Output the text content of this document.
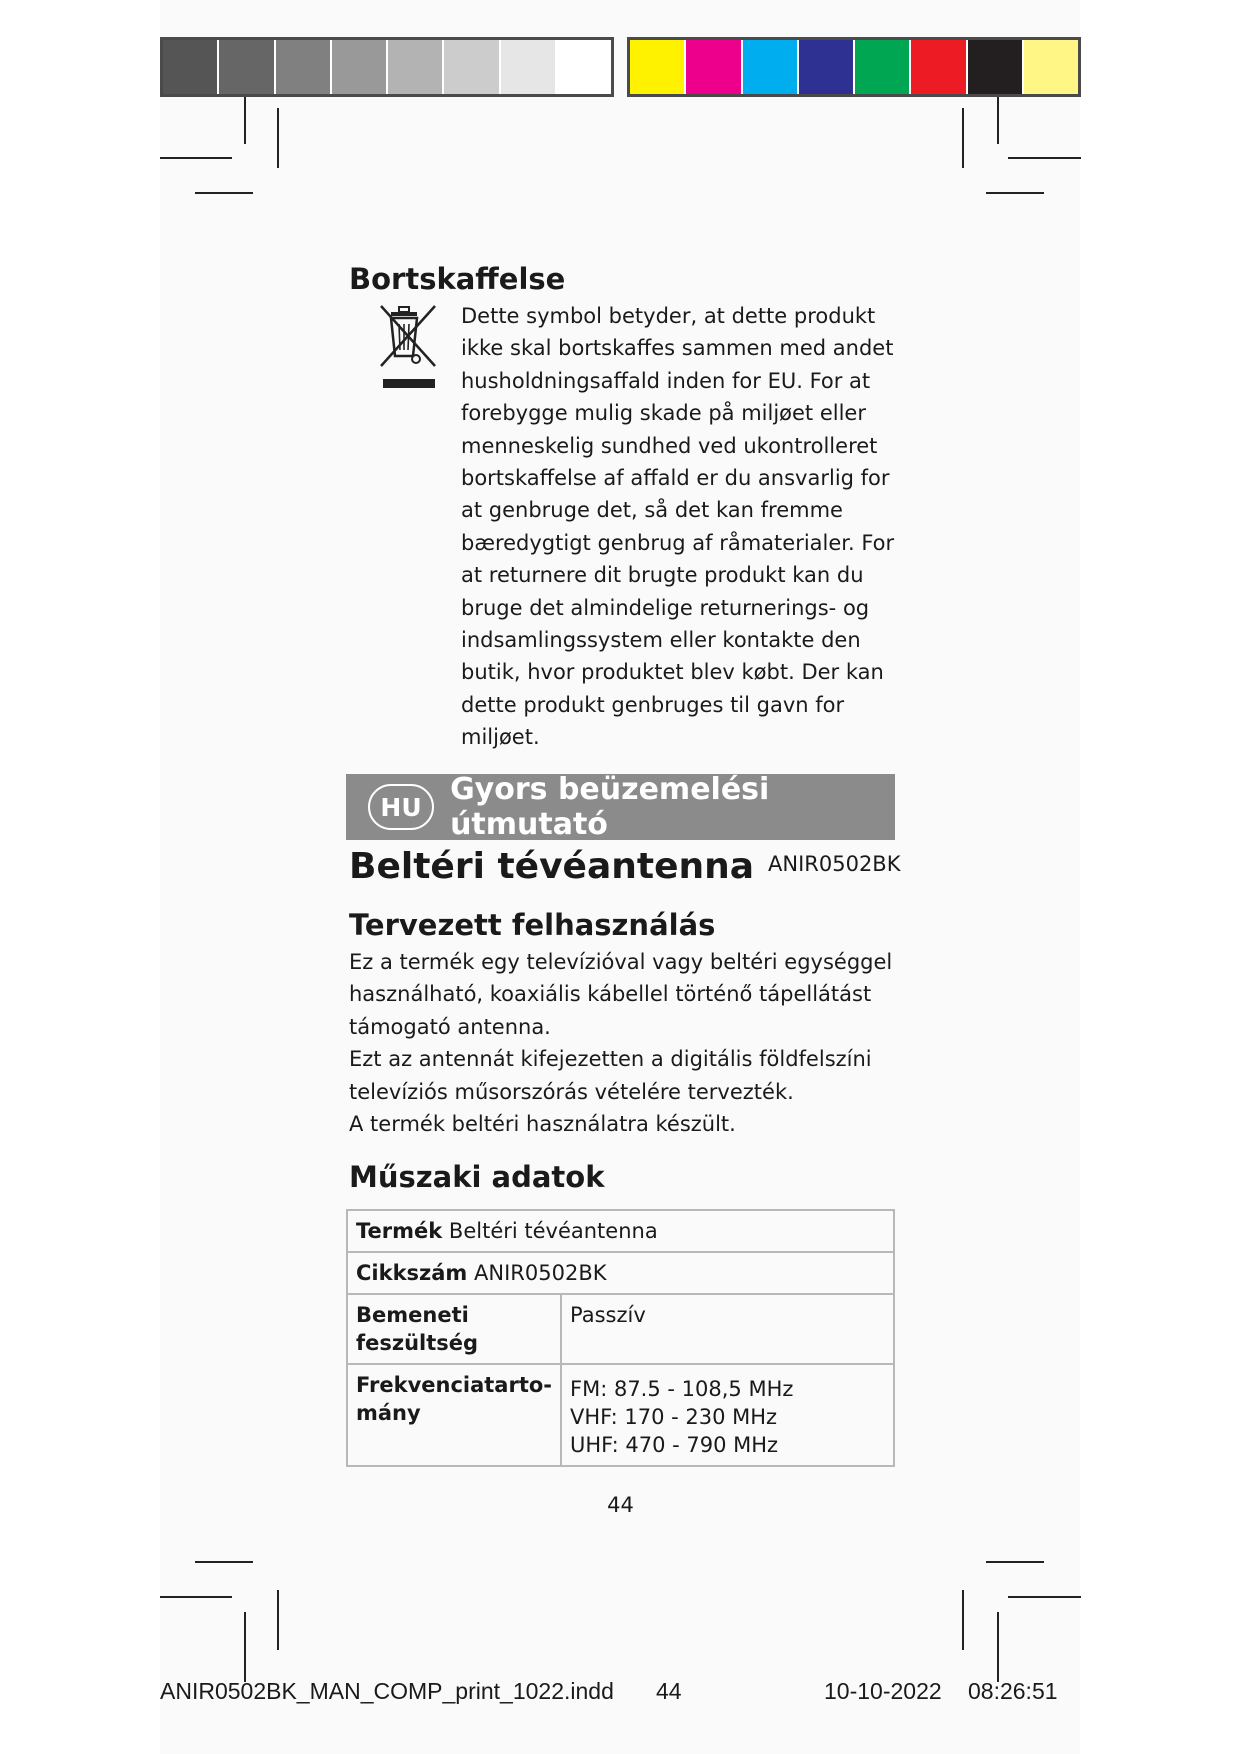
Bortskaffelse
Dette symbol betyder, at dette produkt ikke skal bortskaffes sammen med andet husholdningsaffald inden for EU. For at forebygge mulig skade på miljøet eller menneskelig sundhed ved ukontrolleret bortskaffelse af affald er du ansvarlig for at genbruge det, så det kan fremme bæredygtigt genbrug af råmaterialer. For at returnere dit brugte produkt kan du bruge det almindelige returnerings- og indsamlingssystem eller kontakte den butik, hvor produktet blev købt. Der kan dette produkt genbruges til gavn for miljøet.
HU Gyors beüzemelési útmutató
Beltéri tévéantenna ANIR0502BK
Tervezett felhasználás

Ez a termék egy televízióval vagy beltéri egységgel használható, koaxiális kábellel történő tápellátást támogató antenna.

Ezt az antennát kifejezetten a digitális földfelszíni televíziós műsorszórás vételére tervezték.

A termék beltéri használatra készült.

Műszaki adatok
Termék Beltéri tévéantenna	
Cikkszám ANIR0502BK	
Bemeneti feszültség	Passzív
Frekvenciatarto-mány	FM: 87.5 - 108,5 MHz
VHF: 170 - 230 MHz
UHF: 470 - 790 MHz
44
ANIR0502BK_MAN_COMP_print_1022.indd 44	10-10-2022 08:26:51
